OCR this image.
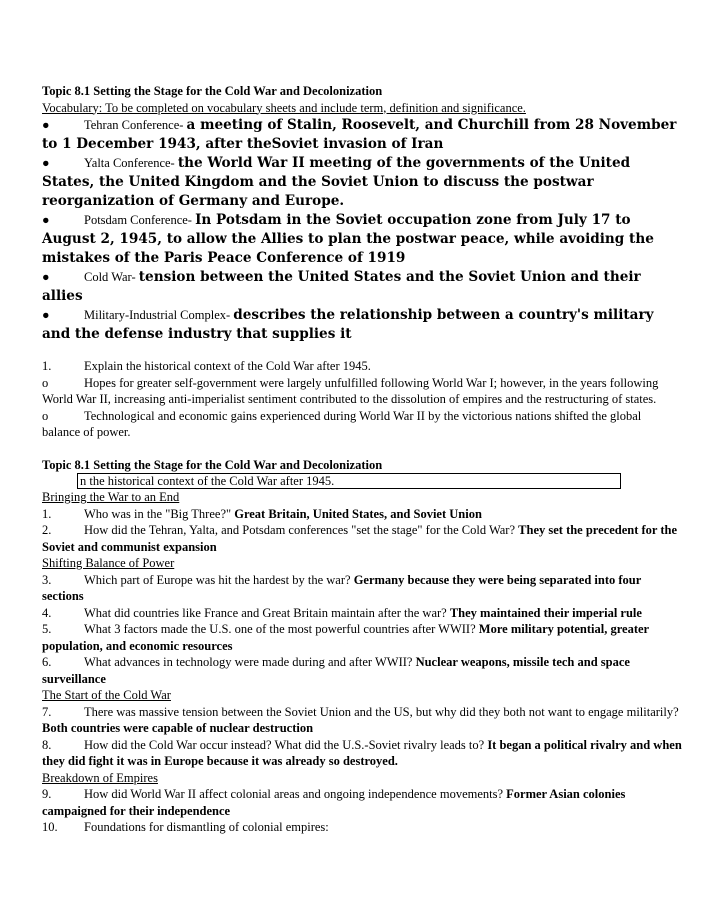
Topic 8.1 Setting the Stage for the Cold War and Decolonization
Vocabulary: To be completed on vocabulary sheets and include term, definition and significance.
●	Tehran Conference- a meeting of Stalin, Roosevelt, and Churchill from 28 November to 1 December 1943, after theSoviet invasion of Iran
●	Yalta Conference- the World War II meeting of the governments of the United States, the United Kingdom and the Soviet Union to discuss the postwar reorganization of Germany and Europe.
●	Potsdam Conference- In Potsdam in the Soviet occupation zone from July 17 to August 2, 1945, to allow the Allies to plan the postwar peace, while avoiding the mistakes of the Paris Peace Conference of 1919
●	Cold War- tension between the United States and the Soviet Union and their allies
●	Military-Industrial Complex- describes the relationship between a country's military and the defense industry that supplies it
1.	Explain the historical context of the Cold War after 1945.
o	Hopes for greater self-government were largely unfulfilled following World War I; however, in the years following World War II, increasing anti-imperialist sentiment contributed to the dissolution of empires and the restructuring of states.
o	Technological and economic gains experienced during World War II by the victorious nations shifted the global balance of power.
Topic 8.1 Setting the Stage for the Cold War and Decolonization
n the historical context of the Cold War after 1945.
Bringing the War to an End
1.	Who was in the "Big Three?" Great Britain, United States, and Soviet Union
2.	How did the Tehran, Yalta, and Potsdam conferences "set the stage" for the Cold War? They set the precedent for the Soviet and communist expansion
Shifting Balance of Power
3.	Which part of Europe was hit the hardest by the war? Germany because they were being separated into four sections
4.	What did countries like France and Great Britain maintain after the war? They maintained their imperial rule
5.	What 3 factors made the U.S. one of the most powerful countries after WWII? More military potential, greater population, and economic resources
6.	What advances in technology were made during and after WWII? Nuclear weapons, missile tech and space surveillance
The Start of the Cold War
7.	There was massive tension between the Soviet Union and the US, but why did they both not want to engage militarily? Both countries were capable of nuclear destruction
8.	How did the Cold War occur instead? What did the U.S.-Soviet rivalry leads to? It began a political rivalry and when they did fight it was in Europe because it was already so destroyed.
Breakdown of Empires
9.	How did World War II affect colonial areas and ongoing independence movements? Former Asian colonies campaigned for their independence
10. Foundations for dismantling of colonial empires:
